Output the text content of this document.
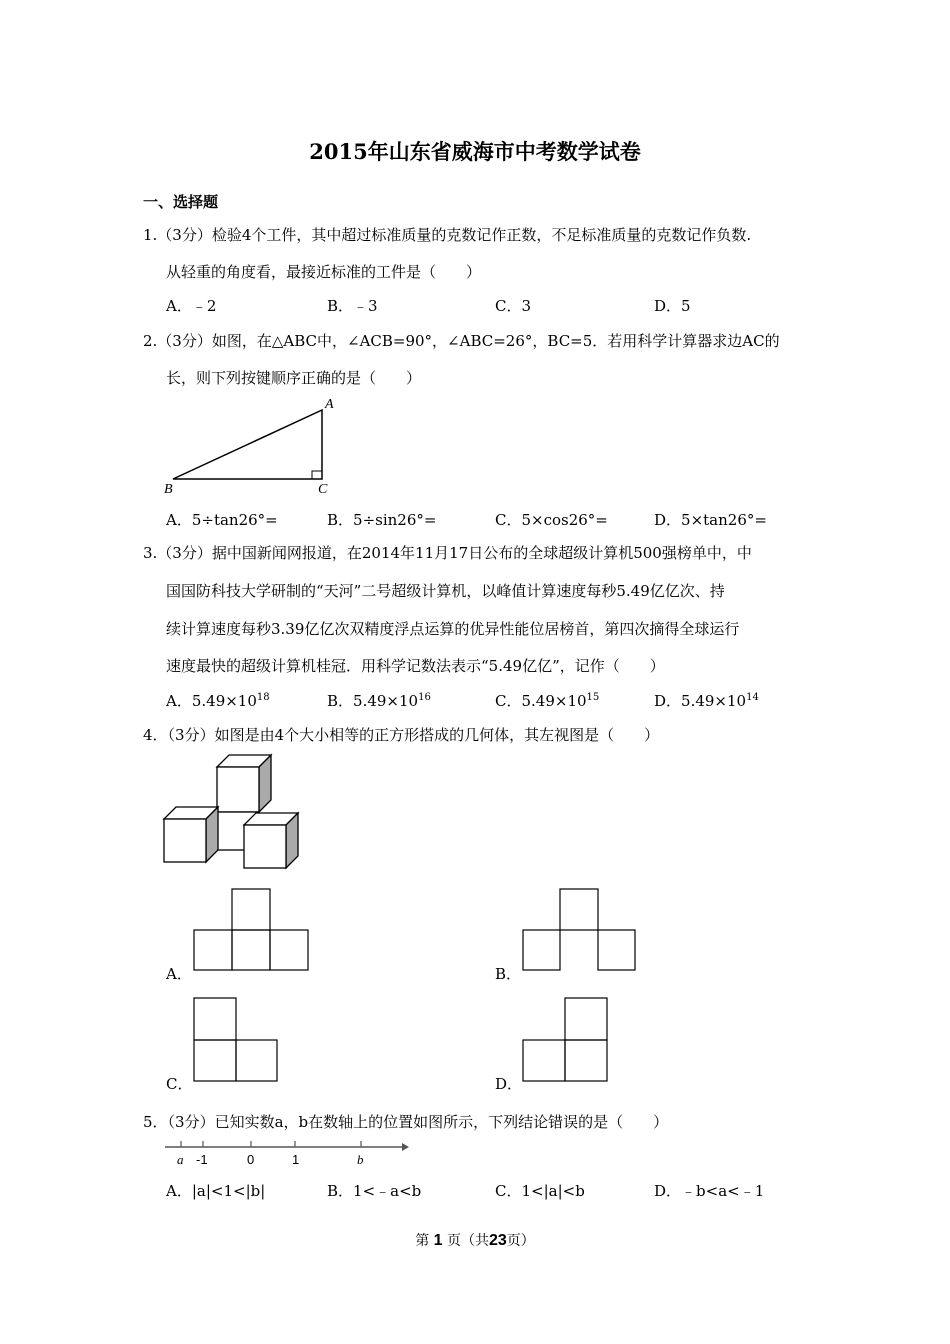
2015年山东省威海市中考数学试卷
一、选择题
1.（3分）检验4个工件，其中超过标准质量的克数记作正数，不足标准质量的克数记作负数.
从轻重的角度看，最接近标准的工件是（　　）
A．﹣2	B．﹣3	C．3	D．5
2.（3分）如图，在△ABC中，∠ACB=90°，∠ABC=26°，BC=5．若用科学计算器求边AC的
长，则下列按键顺序正确的是（　　）
A
B	C
A．5÷tan26°=	B．5÷sin26°=	C．5×cos26°=	D．5×tan26°=
3.（3分）据中国新闻网报道，在2014年11月17日公布的全球超级计算机500强榜单中，中
国国防科技大学研制的“天河”二号超级计算机，以峰值计算速度每秒5.49亿亿次、持
续计算速度每秒3.39亿亿次双精度浮点运算的优异性能位居榜首，第四次摘得全球运行
速度最快的超级计算机桂冠．用科学记数法表示“5.49亿亿”，记作（　　）
A．$5.49\times 10^{18}$	B．$5.49\times 10^{16}$	C．$5.49\times 10^{15}$	D．$5.49\times 10^{14}$
4．（3分）如图是由4个大小相等的正方形搭成的几何体，其左视图是（　　）
A．	B．
C．	D．
5．（3分）已知实数a，b在数轴上的位置如图所示，下列结论错误的是（　　）
a -1	0	1	b
A．|a|<1<|b|	B．1<﹣a<b	C．1<|a|<b	D．﹣b<a<﹣1
第 1 页（共23页）
